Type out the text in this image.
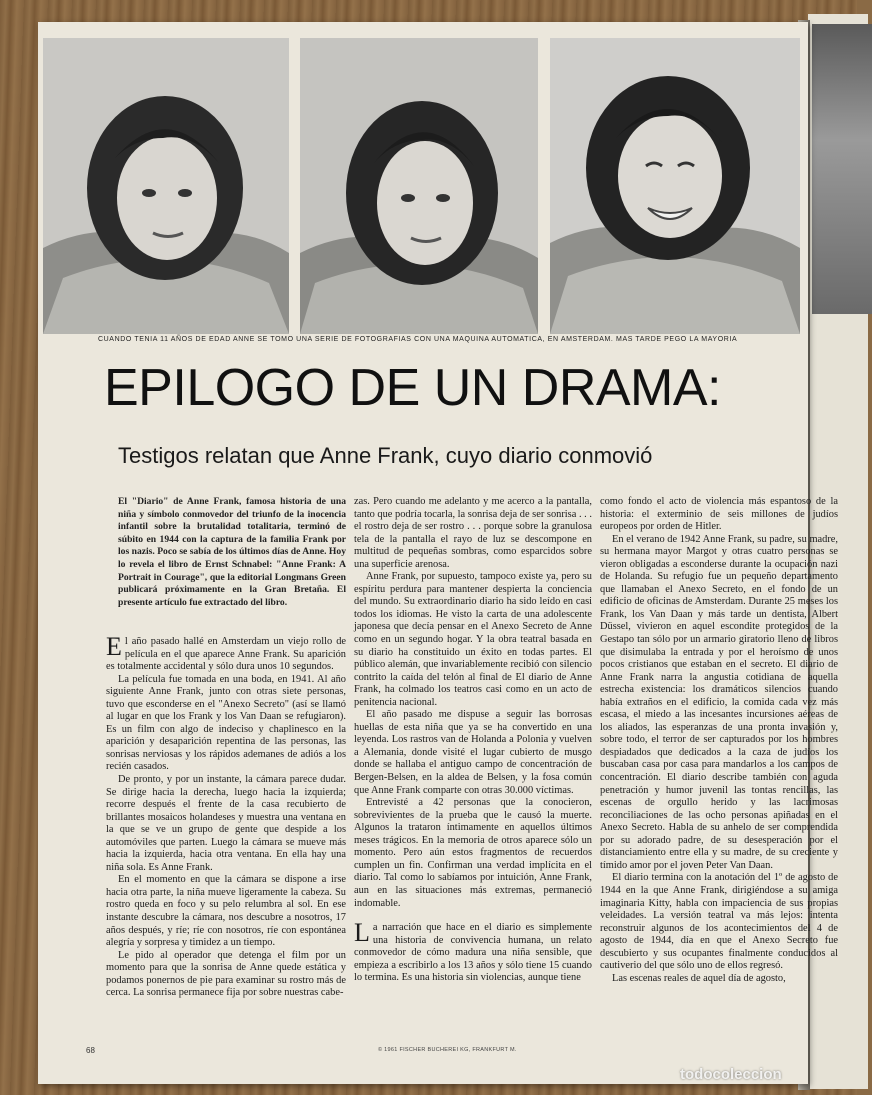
CUANDO TENIA 11 AÑOS DE EDAD ANNE SE TOMO UNA SERIE DE FOTOGRAFIAS CON UNA MAQUINA AUTOMATICA, EN AMSTERDAM. MAS TARDE PEGO LA MAYORIA
EPILOGO DE UN DRAMA:
Testigos relatan que Anne Frank, cuyo diario conmovió
El "Diario" de Anne Frank, famosa historia de una niña y símbolo conmovedor del triunfo de la inocencia infantil sobre la brutalidad totalitaria, terminó de súbito en 1944 con la captura de la familia Frank por los nazis. Poco se sabía de los últimos días de Anne. Hoy lo revela el libro de Ernst Schnabel: "Anne Frank: A Portrait in Courage", que la editorial Longmans Green publicará próximamente en la Gran Bretaña. El presente artículo fue extractado del libro.

El año pasado hallé en Amsterdam un viejo rollo de película en el que aparece Anne Frank. Su aparición es totalmente accidental y sólo dura unos 10 segundos.

La película fue tomada en una boda, en 1941. Al año siguiente Anne Frank, junto con otras siete personas, tuvo que esconderse en el "Anexo Secreto" (así se llamó al lugar en que los Frank y los Van Daan se refugiaron). Es un film con algo de indeciso y chaplinesco en la aparición y desaparición repentina de las personas, las sonrisas nerviosas y los rápidos ademanes de adiós a los recién casados.

De pronto, y por un instante, la cámara parece dudar. Se dirige hacia la derecha, luego hacia la izquierda; recorre después el frente de la casa recubierto de brillantes mosaicos holandeses y muestra una ventana en la que se ve un grupo de gente que despide a los automóviles que parten. Luego la cámara se mueve más hacia la izquierda, hacia otra ventana. En ella hay una niña sola. Es Anne Frank.

En el momento en que la cámara se dispone a irse hacia otra parte, la niña mueve ligeramente la cabeza. Su rostro queda en foco y su pelo relumbra al sol. En ese instante descubre la cámara, nos descubre a nosotros, 17 años después, y ríe; ríe con nosotros, ríe con espontánea alegría y sorpresa y timidez a un tiempo.

Le pido al operador que detenga el film por un momento para que la sonrisa de Anne quede estática y podamos ponernos de pie para examinar su rostro más de cerca. La sonrisa permanece fija por sobre nuestras cabe-

zas. Pero cuando me adelanto y me acerco a la pantalla, tanto que podría tocarla, la sonrisa deja de ser sonrisa . . . el rostro deja de ser rostro . . . porque sobre la granulosa tela de la pantalla el rayo de luz se descompone en multitud de pequeñas sombras, como esparcidos sobre una superficie arenosa.

Anne Frank, por supuesto, tampoco existe ya, pero su espíritu perdura para mantener despierta la conciencia del mundo. Su extraordinario diario ha sido leído en casi todos los idiomas. He visto la carta de una adolescente japonesa que decía pensar en el Anexo Secreto de Anne como en un segundo hogar. Y la obra teatral basada en su diario ha constituido un éxito en todas partes. El público alemán, que invariablemente recibió con silencio contrito la caída del telón al final de El diario de Anne Frank, ha colmado los teatros casi como en un acto de penitencia nacional.

El año pasado me dispuse a seguir las borrosas huellas de esta niña que ya se ha convertido en una leyenda. Los rastros van de Holanda a Polonia y vuelven a Alemania, donde visité el lugar cubierto de musgo donde se hallaba el antiguo campo de concentración de Bergen-Belsen, en la aldea de Belsen, y la fosa común que Anne Frank comparte con otras 30.000 víctimas.

Entrevisté a 42 personas que la conocieron, sobrevivientes de la prueba que le causó la muerte. Algunos la trataron íntimamente en aquellos últimos meses trágicos. En la memoria de otros aparece sólo un momento. Pero aún estos fragmentos de recuerdos cumplen un fin. Confirman una verdad implícita en el diario. Tal como lo sabíamos por intuición, Anne Frank, aun en las situaciones más extremas, permaneció indomable.

La narración que hace en el diario es simplemente una historia de convivencia humana, un relato conmovedor de cómo madura una niña sensible, que empieza a escribirlo a los 13 años y sólo tiene 15 cuando lo termina. Es una historia sin violencias, aunque tiene

como fondo el acto de violencia más espantoso de la historia: el exterminio de seis millones de judíos europeos por orden de Hitler.

En el verano de 1942 Anne Frank, su padre, su madre, su hermana mayor Margot y otras cuatro personas se vieron obligadas a esconderse durante la ocupación nazi de Holanda. Su refugio fue un pequeño departamento que llamaban el Anexo Secreto, en el fondo de un edificio de oficinas de Amsterdam. Durante 25 meses los Frank, los Van Daan y más tarde un dentista, Albert Düssel, vivieron en aquel escondite protegidos de la Gestapo tan sólo por un armario giratorio lleno de libros que disimulaba la entrada y por el heroísmo de unos pocos cristianos que estaban en el secreto. El diario de Anne Frank narra la angustia cotidiana de aquella estrecha existencia: los dramáticos silencios cuando había extraños en el edificio, la comida cada vez más escasa, el miedo a las incesantes incursiones aéreas de los aliados, las esperanzas de una pronta invasión y, sobre todo, el terror de ser capturados por los hombres despiadados que dedicados a la caza de judíos los buscaban casa por casa para mandarlos a los campos de concentración. El diario describe también con aguda penetración y humor juvenil las tontas rencillas, las escenas de orgullo herido y las lacrimosas reconciliaciones de las ocho personas apiñadas en el Anexo Secreto. Habla de su anhelo de ser comprendida por su adorado padre, de su desesperación por el distanciamiento entre ella y su madre, de su creciente y tímido amor por el joven Peter Van Daan.

El diario termina con la anotación del 1º de agosto de 1944 en la que Anne Frank, dirigiéndose a su amiga imaginaria Kitty, habla con impaciencia de sus propias veleidades. La versión teatral va más lejos: intenta reconstruir algunos de los acontecimientos del 4 de agosto de 1944, día en que el Anexo Secreto fue descubierto y sus ocupantes finalmente conducidos al cautiverio del que sólo uno de ellos regresó.

Las escenas reales de aquel día de agosto,

68	© 1961 FISCHER BUCHEREI KG, FRANKFURT M.
todocoleccion
